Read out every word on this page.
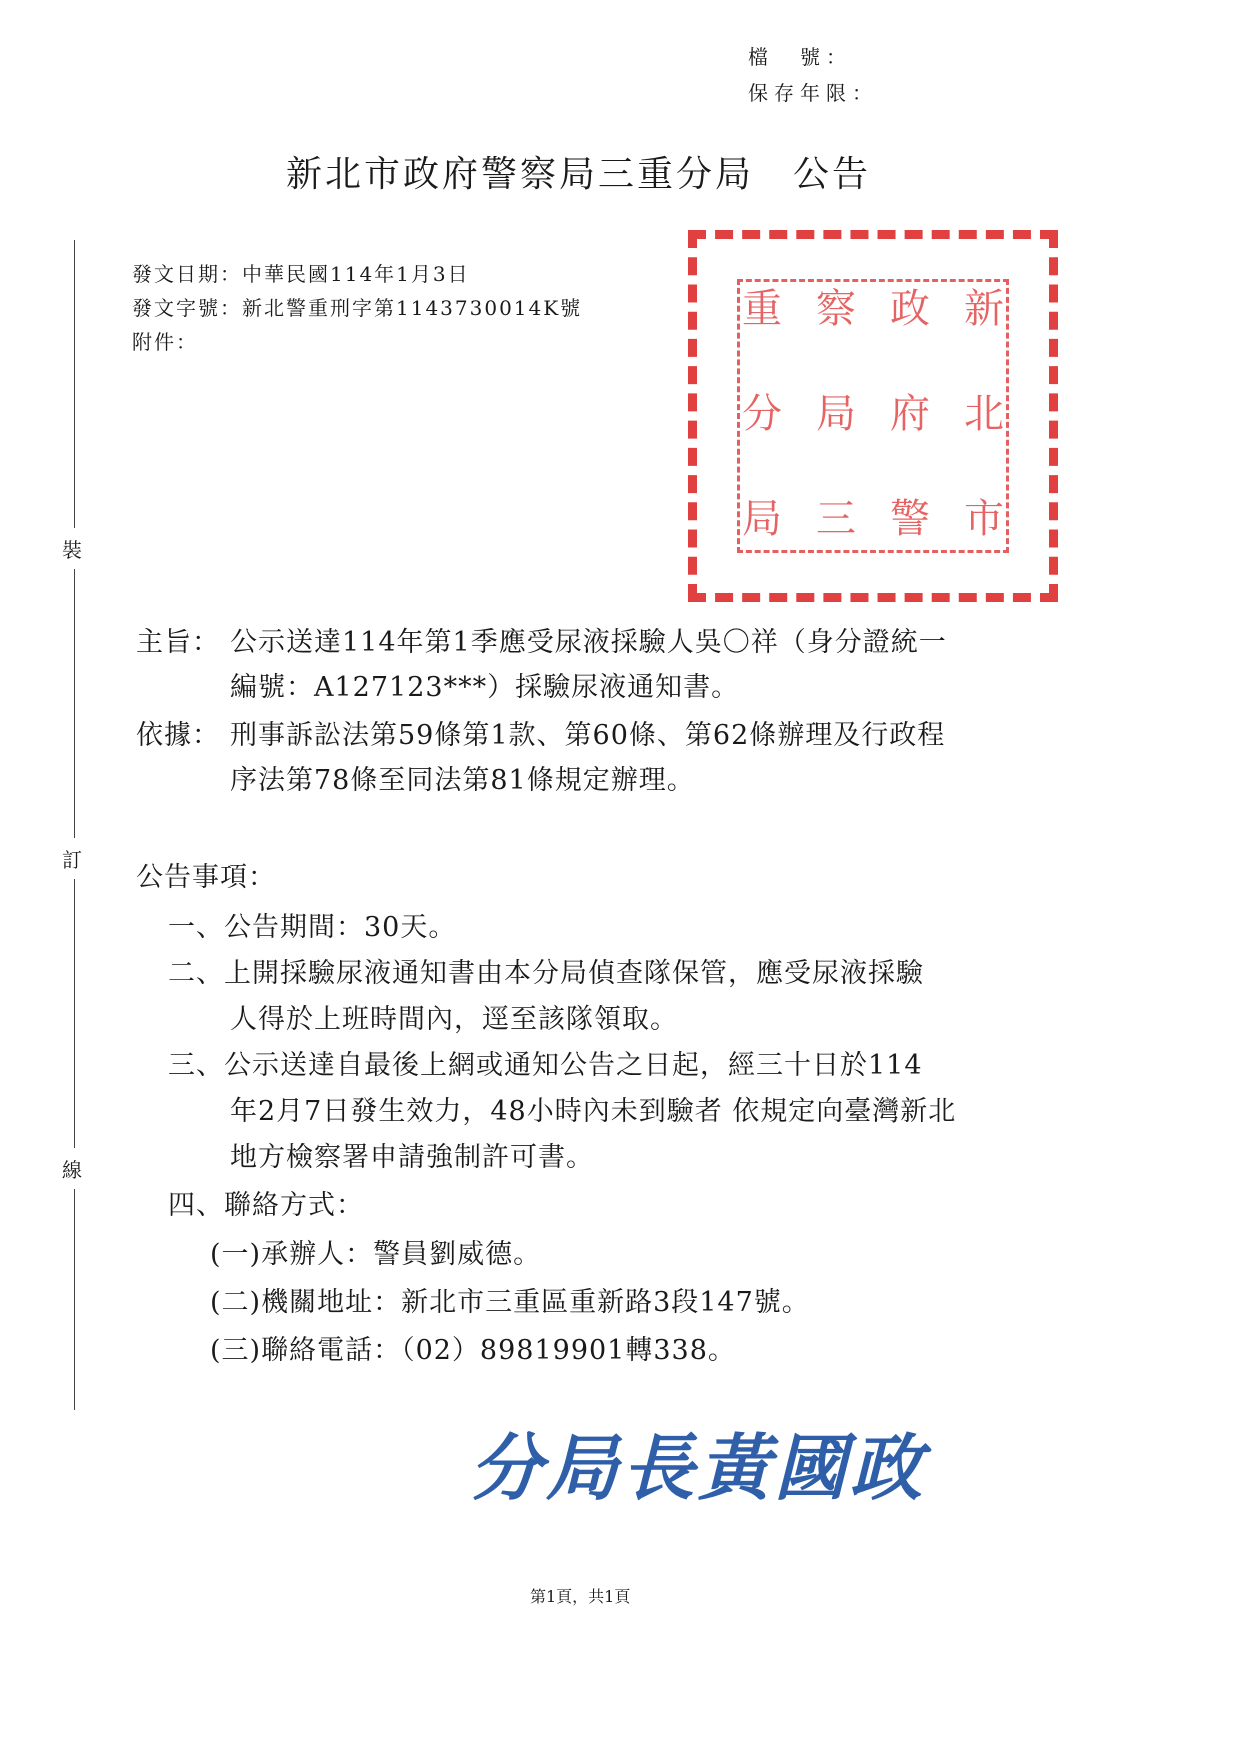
檔　號：
保存年限：
新北市政府警察局三重分局　公告
裝
訂
線
發文日期：中華民國114年1月3日
發文字號：新北警重刑字第1143730014K號
附件：
新
北
市
政
府
警
察
局
三
重
分
局
主旨： 公示送達114年第1季應受尿液採驗人吳〇祥（身分證統一
編號：A127123***）採驗尿液通知書。
依據： 刑事訴訟法第59條第1款、第60條、第62條辦理及行政程
序法第78條至同法第81條規定辦理。
公告事項：
一、公告期間：30天。
二、上開採驗尿液通知書由本分局偵查隊保管，應受尿液採驗
人得於上班時間內，逕至該隊領取。
三、公示送達自最後上網或通知公告之日起，經三十日於114
年2月7日發生效力，48小時內未到驗者 依規定向臺灣新北
地方檢察署申請強制許可書。
四、聯絡方式：
(一)承辦人：警員劉威德。
(二)機關地址：新北市三重區重新路3段147號。
(三)聯絡電話：（02）89819901轉338。
分局長黃國政
第1頁，共1頁
